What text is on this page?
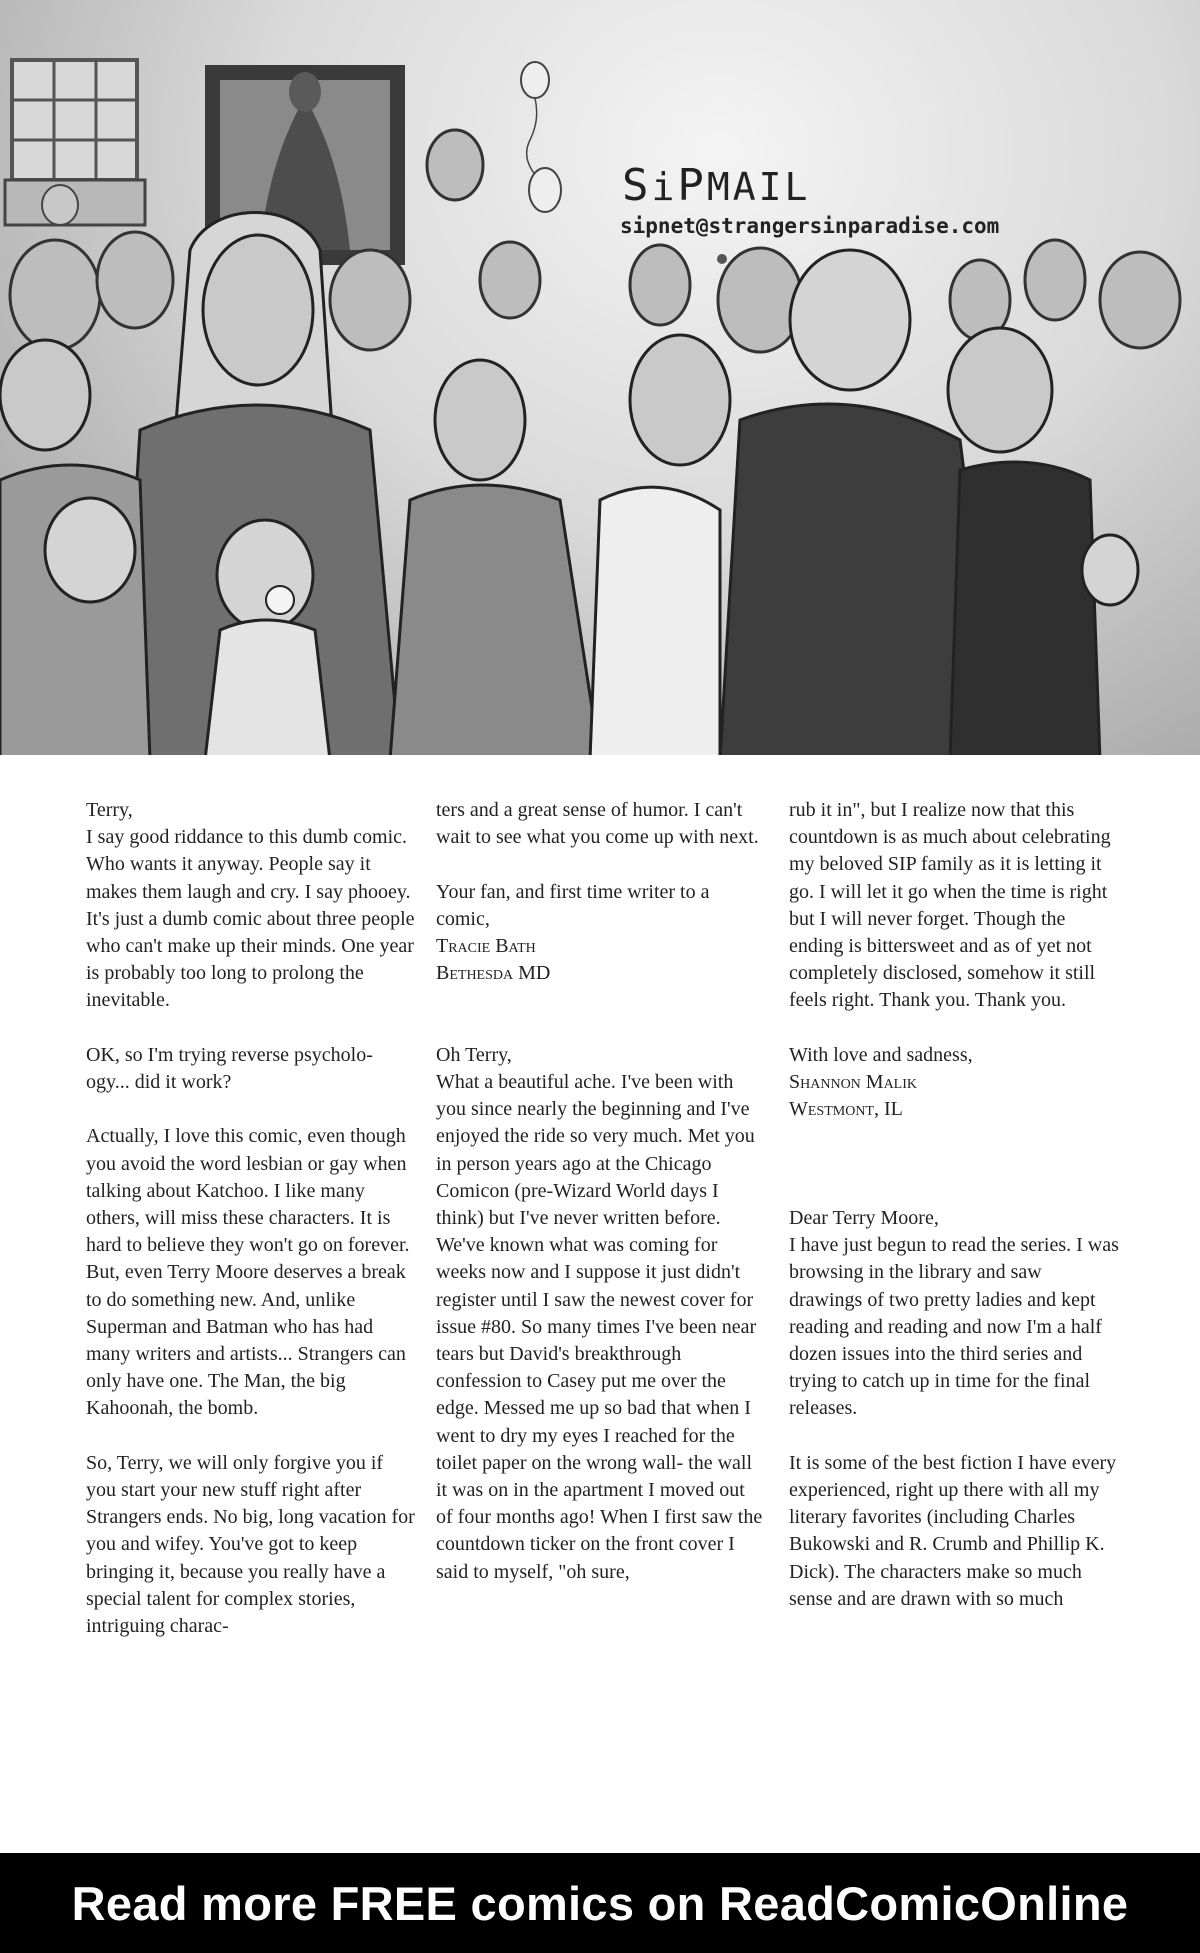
SiPMAIL
sipnet@strangersinparadise.com

Terry,

I say good riddance to this dumb comic. Who wants it anyway. People say it makes them laugh and cry. I say phooey. It's just a dumb comic about three people who can't make up their minds. One year is probably too long to prolong the inevitable.

OK, so I'm trying reverse psycholo- ogy... did it work?

Actually, I love this comic, even though you avoid the word lesbian or gay when talking about Katchoo. I like many others, will miss these characters. It is hard to believe they won't go on forever. But, even Terry Moore deserves a break to do something new. And, unlike Superman and Batman who has had many writers and artists... Strangers can only have one. The Man, the big Kahoonah, the bomb.

So, Terry, we will only forgive you if you start your new stuff right after Strangers ends. No big, long vacation for you and wifey. You've got to keep bringing it, because you really have a special talent for complex stories, intriguing charac-

ters and a great sense of humor. I can't wait to see what you come up with next.

Your fan, and first time writer to a comic,

Tracie Bath

Bethesda MD

Oh Terry,

What a beautiful ache. I've been with you since nearly the beginning and I've enjoyed the ride so very much. Met you in person years ago at the Chicago Comicon (pre-Wizard World days I think) but I've never written before. We've known what was coming for weeks now and I suppose it just didn't register until I saw the newest cover for issue #80. So many times I've been near tears but David's breakthrough confession to Casey put me over the edge. Messed me up so bad that when I went to dry my eyes I reached for the toilet paper on the wrong wall- the wall it was on in the apartment I moved out of four months ago! When I first saw the countdown ticker on the front cover I said to myself, "oh sure,

rub it in", but I realize now that this countdown is as much about celebrating my beloved SIP family as it is letting it go. I will let it go when the time is right but I will never forget. Though the ending is bittersweet and as of yet not completely disclosed, somehow it still feels right. Thank you. Thank you.

With love and sadness,

Shannon Malik

Westmont, IL

Dear Terry Moore,

I have just begun to read the series. I was browsing in the library and saw drawings of two pretty ladies and kept reading and reading and now I'm a half dozen issues into the third series and trying to catch up in time for the final releases.

It is some of the best fiction I have every experienced, right up there with all my literary favorites (including Charles Bukowski and R. Crumb and Phillip K. Dick). The characters make so much sense and are drawn with so much

Read more FREE comics on ReadComicOnline
